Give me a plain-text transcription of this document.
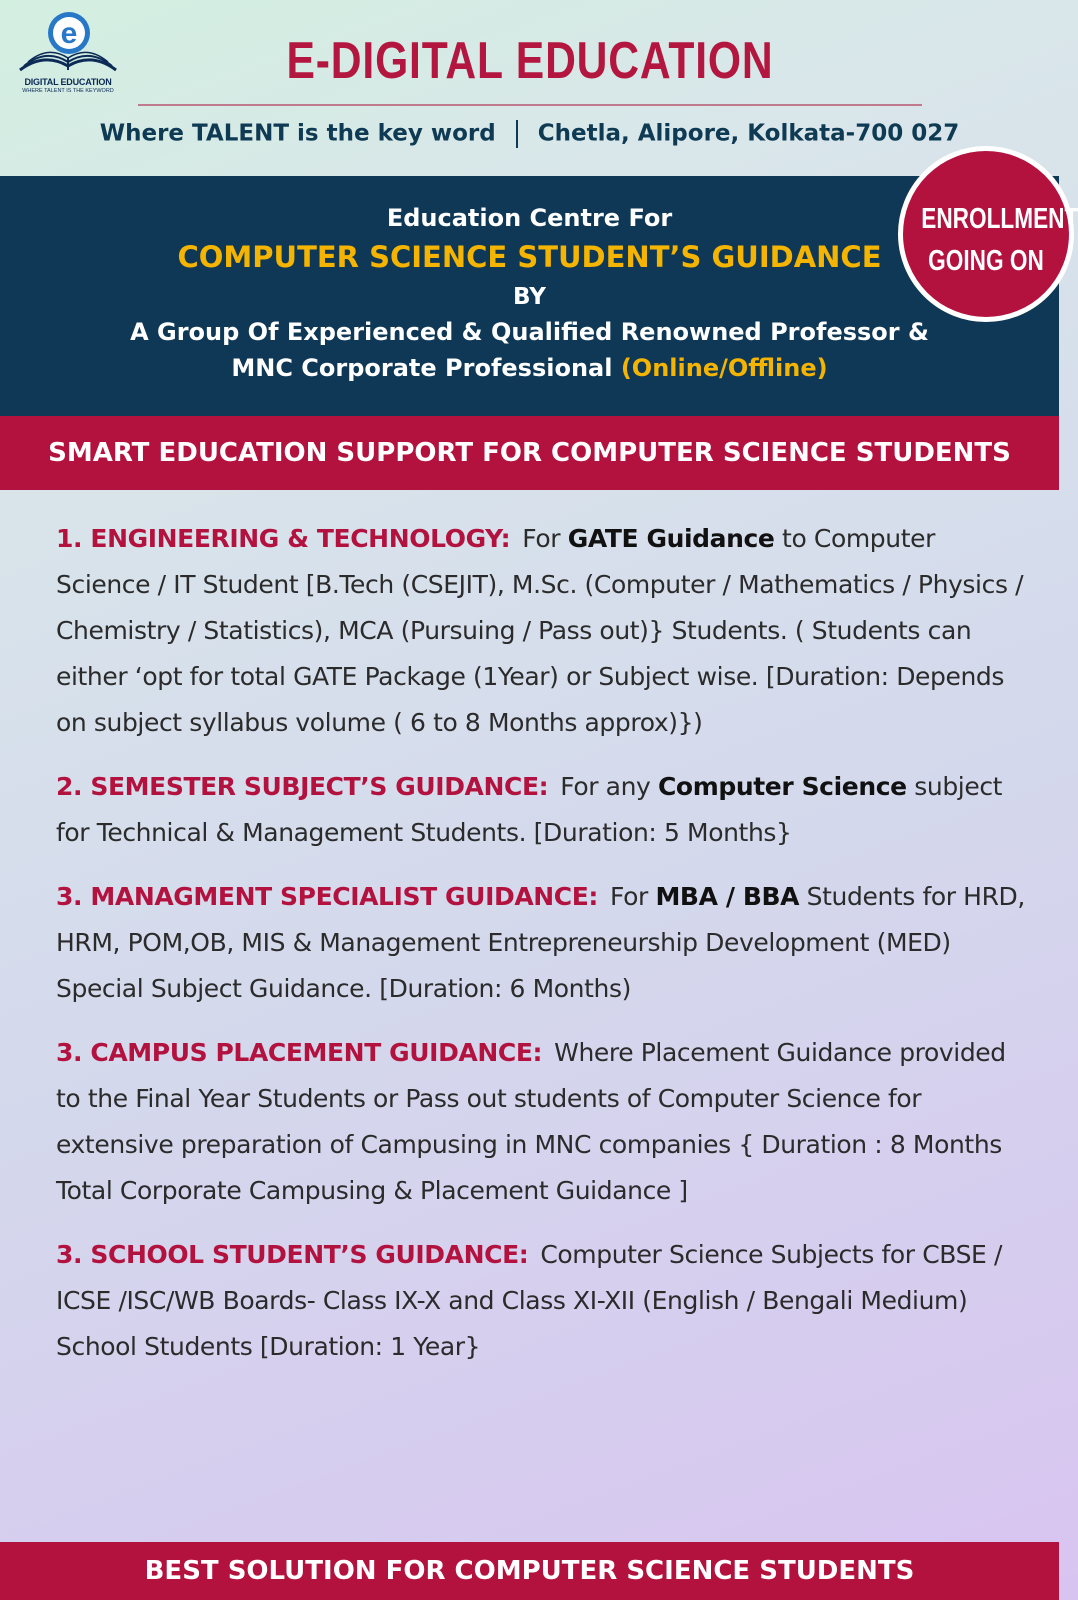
e
DIGITAL EDUCATION
WHERE TALENT IS THE KEYWORD
E-DIGITAL EDUCATION
Where TALENT is the key word Chetla, Alipore, Kolkata-700 027
Education Centre For
COMPUTER SCIENCE STUDENT’S GUIDANCE
BY
A Group Of Experienced & Qualified Renowned Professor &
MNC Corporate Professional (Online/Offline)
ENROLLMENT
GOING ON
SMART EDUCATION SUPPORT FOR COMPUTER SCIENCE STUDENTS
1. ENGINEERING & TECHNOLOGY: For GATE Guidance to Computer Science / IT Student [B.Tech (CSEJIT), M.Sc. (Computer / Mathematics / Physics / Chemistry / Statistics), MCA (Pursuing / Pass out)} Students. ( Students can either ‘opt for total GATE Package (1Year) or Subject wise. [Duration: Depends on subject syllabus volume ( 6 to 8 Months approx)})
2. SEMESTER SUBJECT’S GUIDANCE: For any Computer Science subject for Technical & Management Students. [Duration: 5 Months}
3. MANAGMENT SPECIALIST GUIDANCE: For MBA / BBA Students for HRD, HRM, POM,OB, MIS & Management Entrepreneurship Development (MED) Special Subject Guidance. [Duration: 6 Months)
3. CAMPUS PLACEMENT GUIDANCE: Where Placement Guidance provided to the Final Year Students or Pass out students of Computer Science for extensive preparation of Campusing in MNC companies { Duration : 8 Months Total Corporate Campusing & Placement Guidance ]
3. SCHOOL STUDENT’S GUIDANCE: Computer Science Subjects for CBSE / ICSE /ISC/WB Boards- Class IX-X and Class XI-XII (English / Bengali Medium) School Students [Duration: 1 Year}
BEST SOLUTION FOR COMPUTER SCIENCE STUDENTS
